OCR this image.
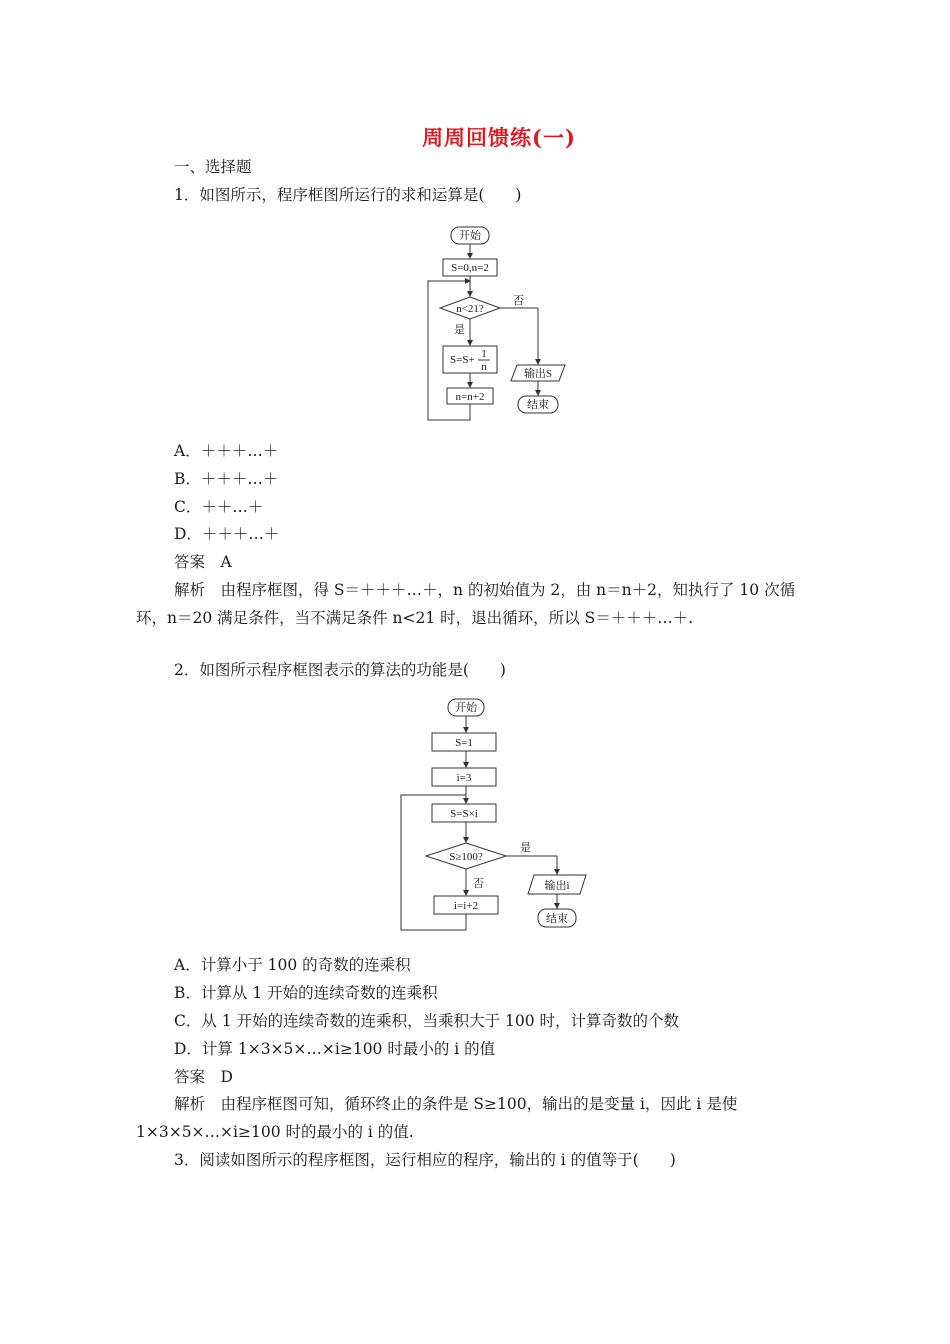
周周回馈练(一)
一、选择题
1．如图所示，程序框图所运行的求和运算是(　　)
开始
S=0,n=2
n<21?
否
是
S=S+ 1
n
n=n+2
输出S
结束
A．＋＋＋…＋
B．＋＋＋…＋
C．＋＋…＋
D．＋＋＋…＋
答案　A
解析　由程序框图，得 S＝＋＋＋…＋，n 的初始值为 2，由 n＝n＋2，知执行了 10 次循
环，n＝20 满足条件，当不满足条件 n<21 时，退出循环，所以 S＝＋＋＋…＋.
2．如图所示程序框图表示的算法的功能是(　　)
开始
S=1
i=3
S=S×i
S≥100?
是
否
i=i+2
输出i
结束
A．计算小于 100 的奇数的连乘积
B．计算从 1 开始的连续奇数的连乘积
C．从 1 开始的连续奇数的连乘积，当乘积大于 100 时，计算奇数的个数
D．计算 1×3×5×…×i≥100 时最小的 i 的值
答案　D
解析　由程序框图可知，循环终止的条件是 S≥100，输出的是变量 i，因此 i 是使
1×3×5×…×i≥100 时的最小的 i 的值.
3．阅读如图所示的程序框图，运行相应的程序，输出的 i 的值等于(　　)
